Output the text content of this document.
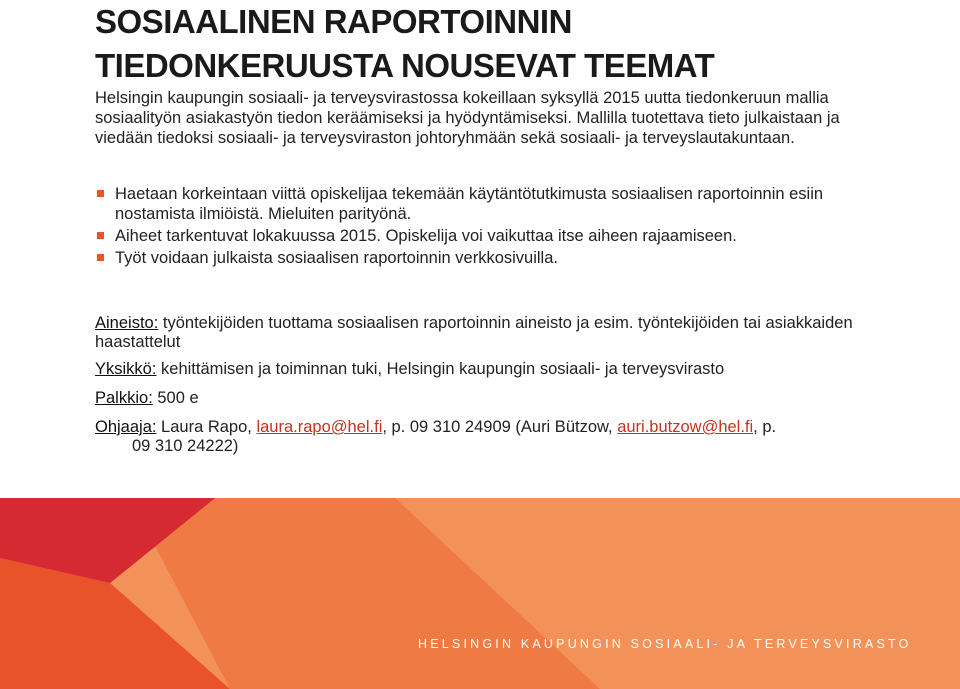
SOSIAALINEN RAPORTOINNIN
TIEDONKERUUSTA NOUSEVAT TEEMAT

Helsingin kaupungin sosiaali- ja terveysvirastossa kokeillaan syksyllä 2015 uutta tiedonkeruun mallia sosiaalityön asiakastyön tiedon keräämiseksi ja hyödyntämiseksi. Mallilla tuotettava tieto julkaistaan ja viedään tiedoksi sosiaali- ja terveysviraston johtoryhmään sekä sosiaali- ja terveyslautakuntaan.

Haetaan korkeintaan viittä opiskelijaa tekemään käytäntötutkimusta sosiaalisen raportoinnin esiin nostamista ilmiöistä. Mieluiten parityönä.
Aiheet tarkentuvat lokakuussa 2015. Opiskelija voi vaikuttaa itse aiheen rajaamiseen.
Työt voidaan julkaista sosiaalisen raportoinnin verkkosivuilla.

Aineisto: työntekijöiden tuottama sosiaalisen raportoinnin aineisto ja esim. työntekijöiden tai asiakkaiden haastattelut

Yksikkö: kehittämisen ja toiminnan tuki, Helsingin kaupungin sosiaali- ja terveysvirasto

Palkkio: 500 e

Ohjaaja: Laura Rapo, laura.rapo@hel.fi, p. 09 310 24909 (Auri Bützow, auri.butzow@hel.fi, p.

09 310 24222)

HELSINGIN KAUPUNGIN SOSIAALI- JA TERVEYSVIRASTO
